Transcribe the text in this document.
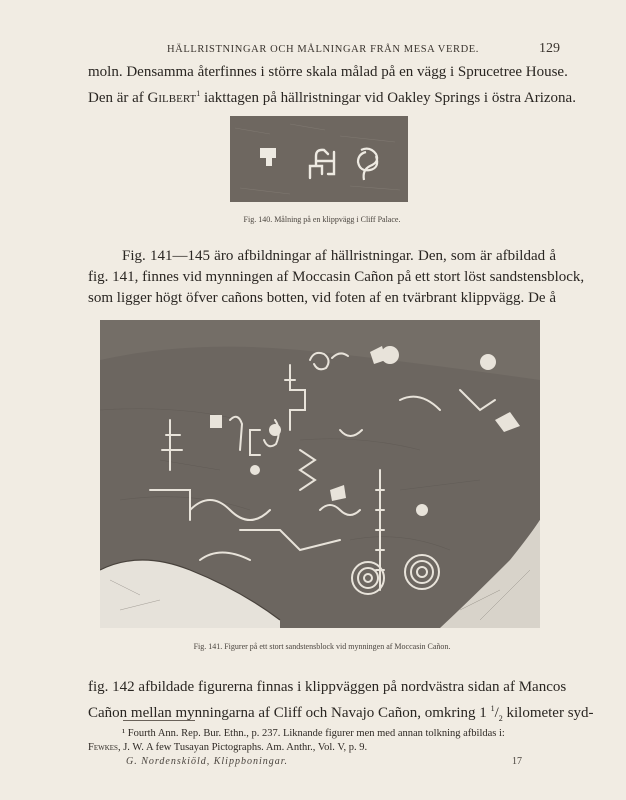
HÄLLRISTNINGAR OCH MÅLNINGAR FRÅN MESA VERDE.	129
moln. Densamma återfinnes i större skala målad på en vägg i Sprucetree House.
Den är af Gilbert$^1$ iakttagen på hällristningar vid Oakley Springs i östra Arizona.
Fig. 140. Målning på en klippvägg i Cliff Palace.
Fig. 141—145 äro afbildningar af hällristningar. Den, som är afbildad å
fig. 141, finnes vid mynningen af Moccasin Cañon på ett stort löst sandstensblock,
som ligger högt öfver cañons botten, vid foten af en tvärbrant klippvägg. De å
Fig. 141. Figurer på ett stort sandstensblock vid mynningen af Moccasin Cañon.
fig. 142 afbildade figurerna finnas i klippväggen på nordvästra sidan af Mancos
Cañon mellan mynningarna af Cliff och Navajo Cañon, omkring 1 $^1/_2$ kilometer syd-
¹ Fourth Ann. Rep. Bur. Ethn., p. 237. Liknande figurer men med annan tolkning afbildas i:
Fewkes, J. W. A few Tusayan Pictographs. Am. Anthr., Vol. V, p. 9.
G. Nordenskiöld, Klippboningar.	17
